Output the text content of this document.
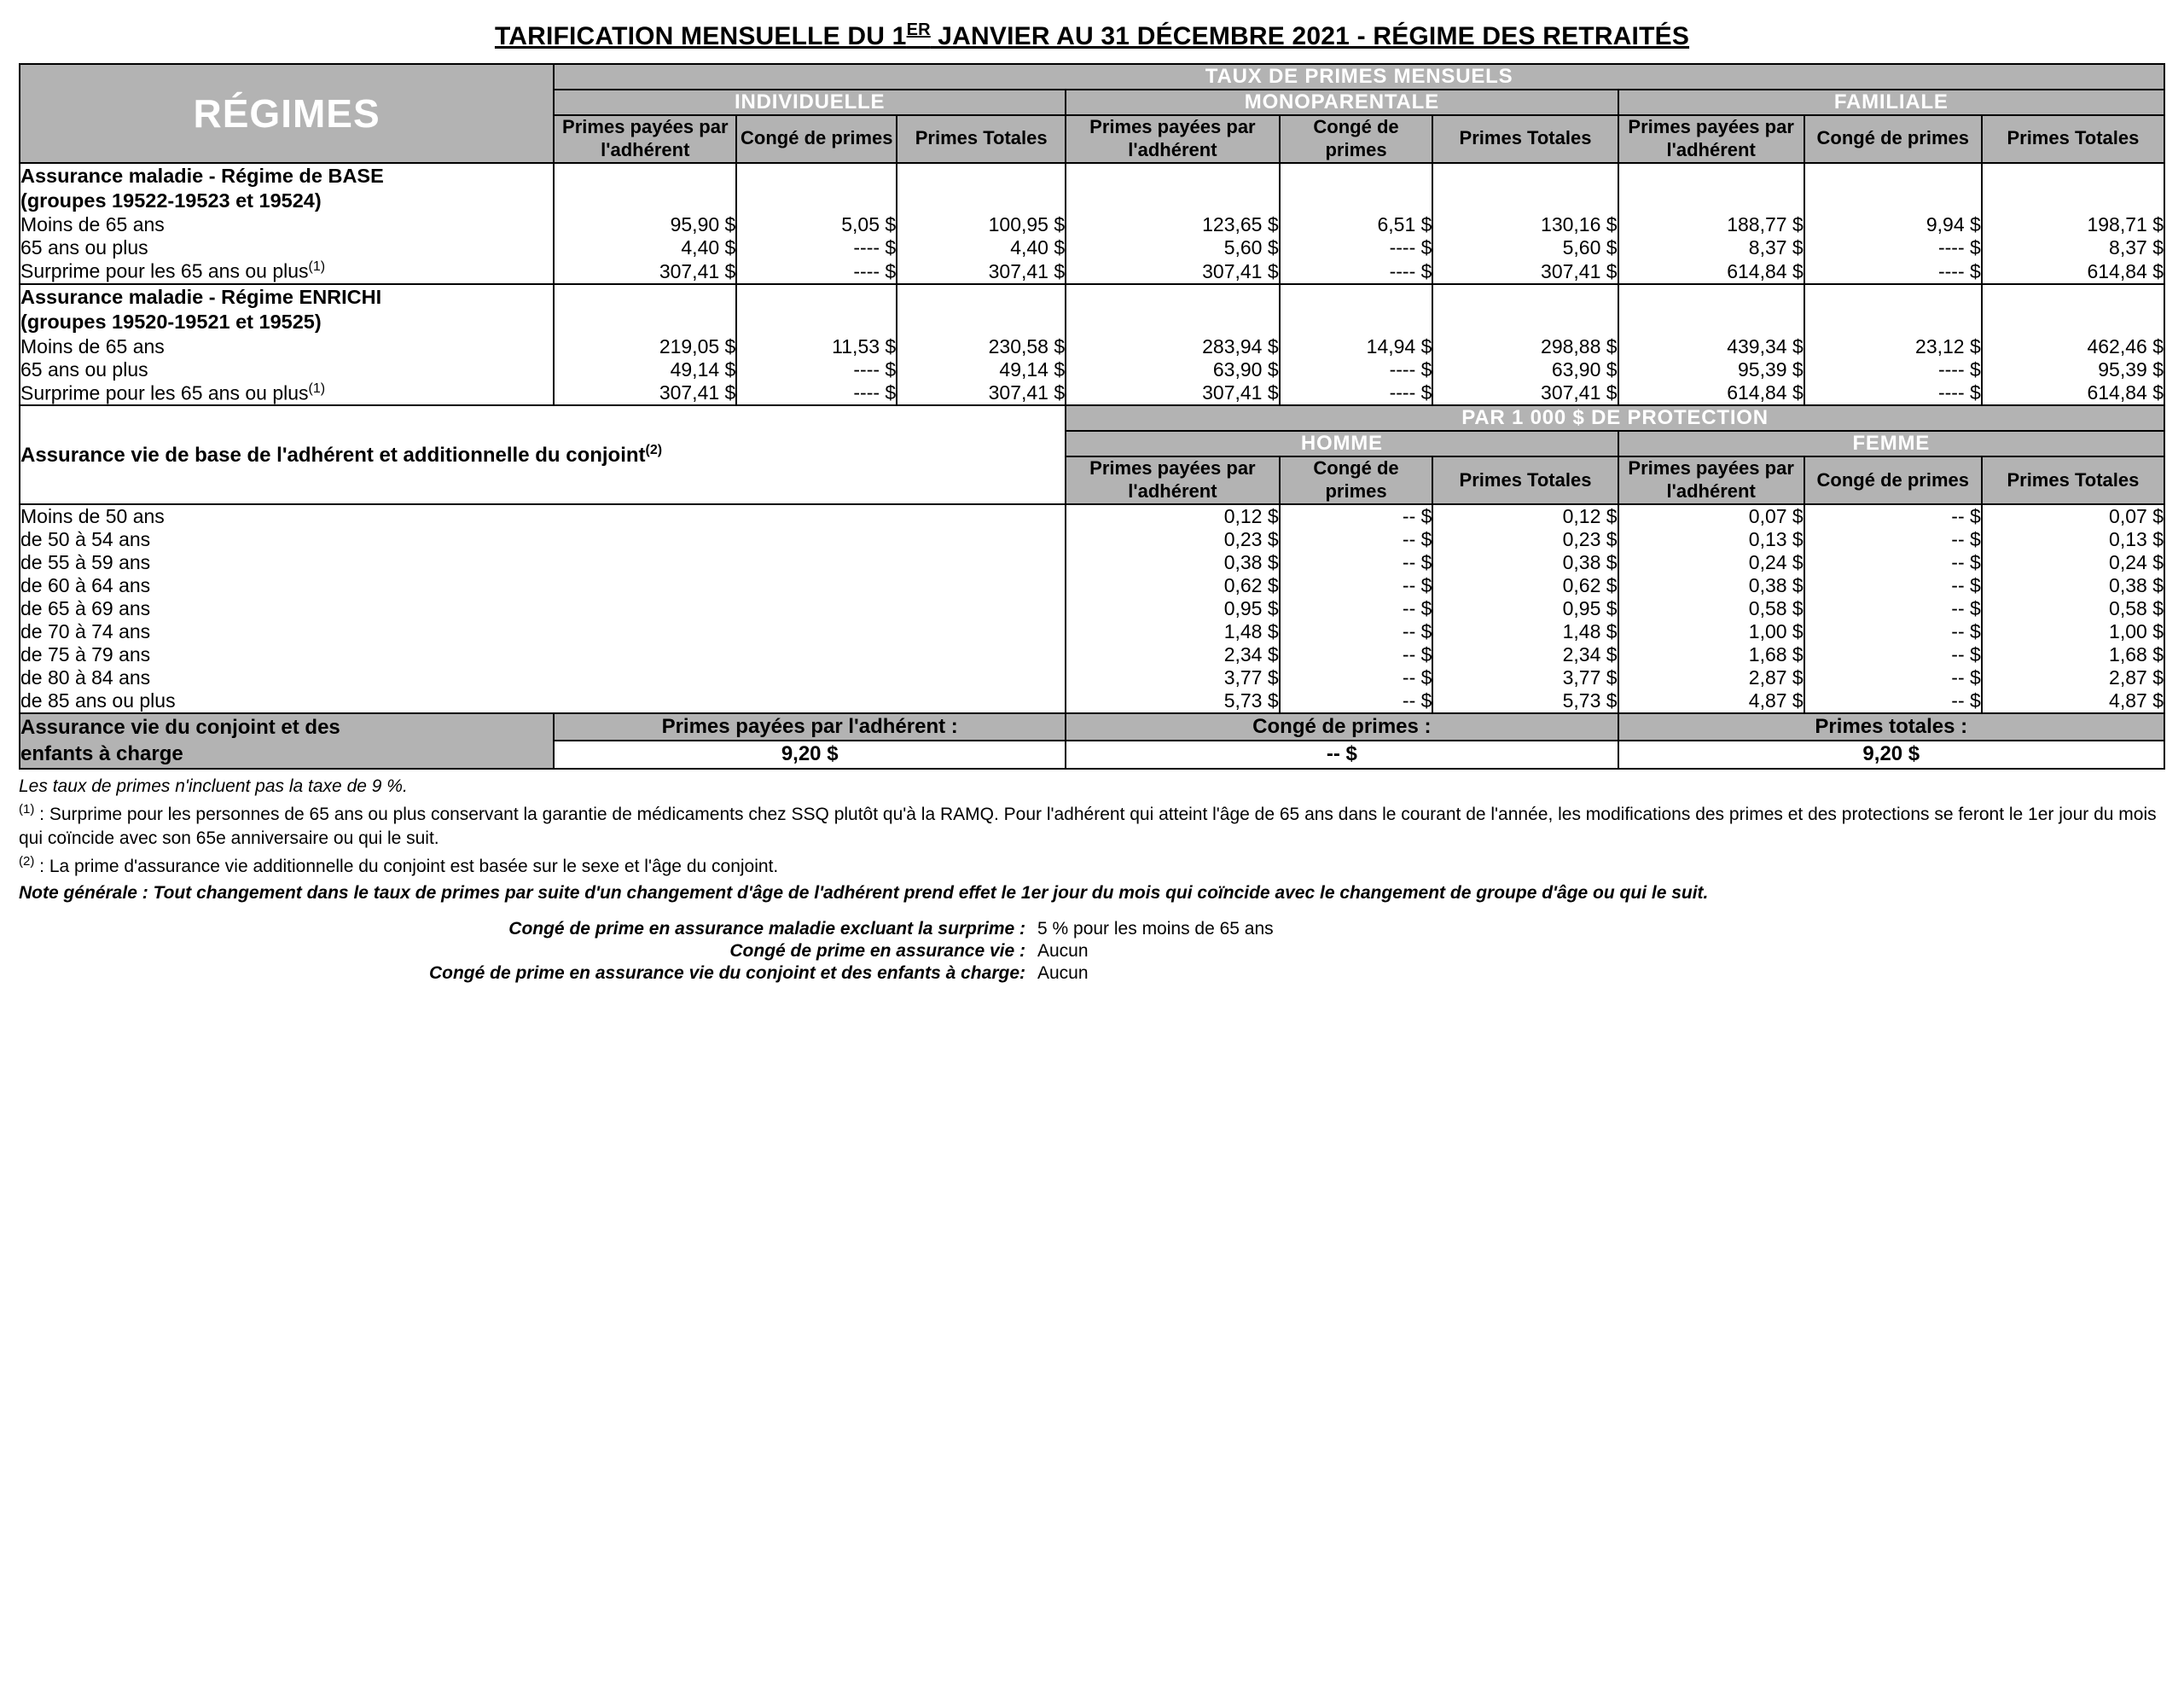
TARIFICATION MENSUELLE DU 1ER JANVIER AU 31 DÉCEMBRE 2021 - RÉGIME DES RETRAITÉS
RÉGIMES	TAUX DE PRIMES MENSUELS								
	INDIVIDUELLE			MONOPARENTALE			FAMILIALE		
	Primes payées par l'adhérent	Congé de primes	Primes Totales	Primes payées par l'adhérent	Congé de primes	Primes Totales	Primes payées par l'adhérent	Congé de primes	Primes Totales

Assurance maladie - Régime de BASE
(groupes 19522-19523 et 19524)									

Moins de 65 ans	95,90 $	5,05 $	100,95 $	123,65 $	6,51 $	130,16 $	188,77 $	9,94 $	198,71 $
65 ans ou plus	4,40 $	---- $	4,40 $	5,60 $	---- $	5,60 $	8,37 $	---- $	8,37 $
Surprime pour les 65 ans ou plus$^{(1)}$	307,41 $	---- $	307,41 $	307,41 $	---- $	307,41 $	614,84 $	---- $	614,84 $

Assurance maladie - Régime ENRICHI
(groupes 19520-19521 et 19525)									

Moins de 65 ans	219,05 $	11,53 $	230,58 $	283,94 $	14,94 $	298,88 $	439,34 $	23,12 $	462,46 $
65 ans ou plus	49,14 $	---- $	49,14 $	63,90 $	---- $	63,90 $	95,39 $	---- $	95,39 $
Surprime pour les 65 ans ou plus$^{(1)}$	307,41 $	---- $	307,41 $	307,41 $	---- $	307,41 $	614,84 $	---- $	614,84 $
Assurance vie de base de l'adhérent et additionnelle du conjoint$^{(2)}$				PAR 1 000 $ DE PROTECTION					
				HOMME			FEMME		
				Primes payées par l'adhérent	Congé de primes	Primes Totales	Primes payées par l'adhérent	Congé de primes	Primes Totales
Moins de 50 ans				0,12 $	-- $	0,12 $	0,07 $	-- $	0,07 $
de 50 à 54 ans				0,23 $	-- $	0,23 $	0,13 $	-- $	0,13 $
de 55 à 59 ans				0,38 $	-- $	0,38 $	0,24 $	-- $	0,24 $
de 60 à 64 ans				0,62 $	-- $	0,62 $	0,38 $	-- $	0,38 $
de 65 à 69 ans				0,95 $	-- $	0,95 $	0,58 $	-- $	0,58 $
de 70 à 74 ans				1,48 $	-- $	1,48 $	1,00 $	-- $	1,00 $
de 75 à 79 ans				2,34 $	-- $	2,34 $	1,68 $	-- $	1,68 $
de 80 à 84 ans				3,77 $	-- $	3,77 $	2,87 $	-- $	2,87 $
de 85 ans ou plus				5,73 $	-- $	5,73 $	4,87 $	-- $	4,87 $

Assurance vie du conjoint et des
enfants à charge	Primes payées par l'adhérent :			Congé de primes :			Primes totales :		
	9,20 $			-- $			9,20 $		
Les taux de primes n'incluent pas la taxe de 9 %.
$^{(1)}$ : Surprime pour les personnes de 65 ans ou plus conservant la garantie de médicaments chez SSQ plutôt qu'à la RAMQ. Pour l'adhérent qui atteint l'âge de 65 ans dans le courant de l'année, les modifications des primes et des protections se feront le 1er jour du mois qui coïncide avec son 65e anniversaire ou qui le suit.
$^{(2)}$ : La prime d'assurance vie additionnelle du conjoint est basée sur le sexe et l'âge du conjoint.
Note générale : Tout changement dans le taux de primes par suite d'un changement d'âge de l'adhérent prend effet le 1er jour du mois qui coïncide avec le changement de groupe d'âge ou qui le suit.
Congé de prime en assurance maladie excluant la surprime : 5 % pour les moins de 65 ans
Congé de prime en assurance vie : Aucun
Congé de prime en assurance vie du conjoint et des enfants à charge: Aucun
